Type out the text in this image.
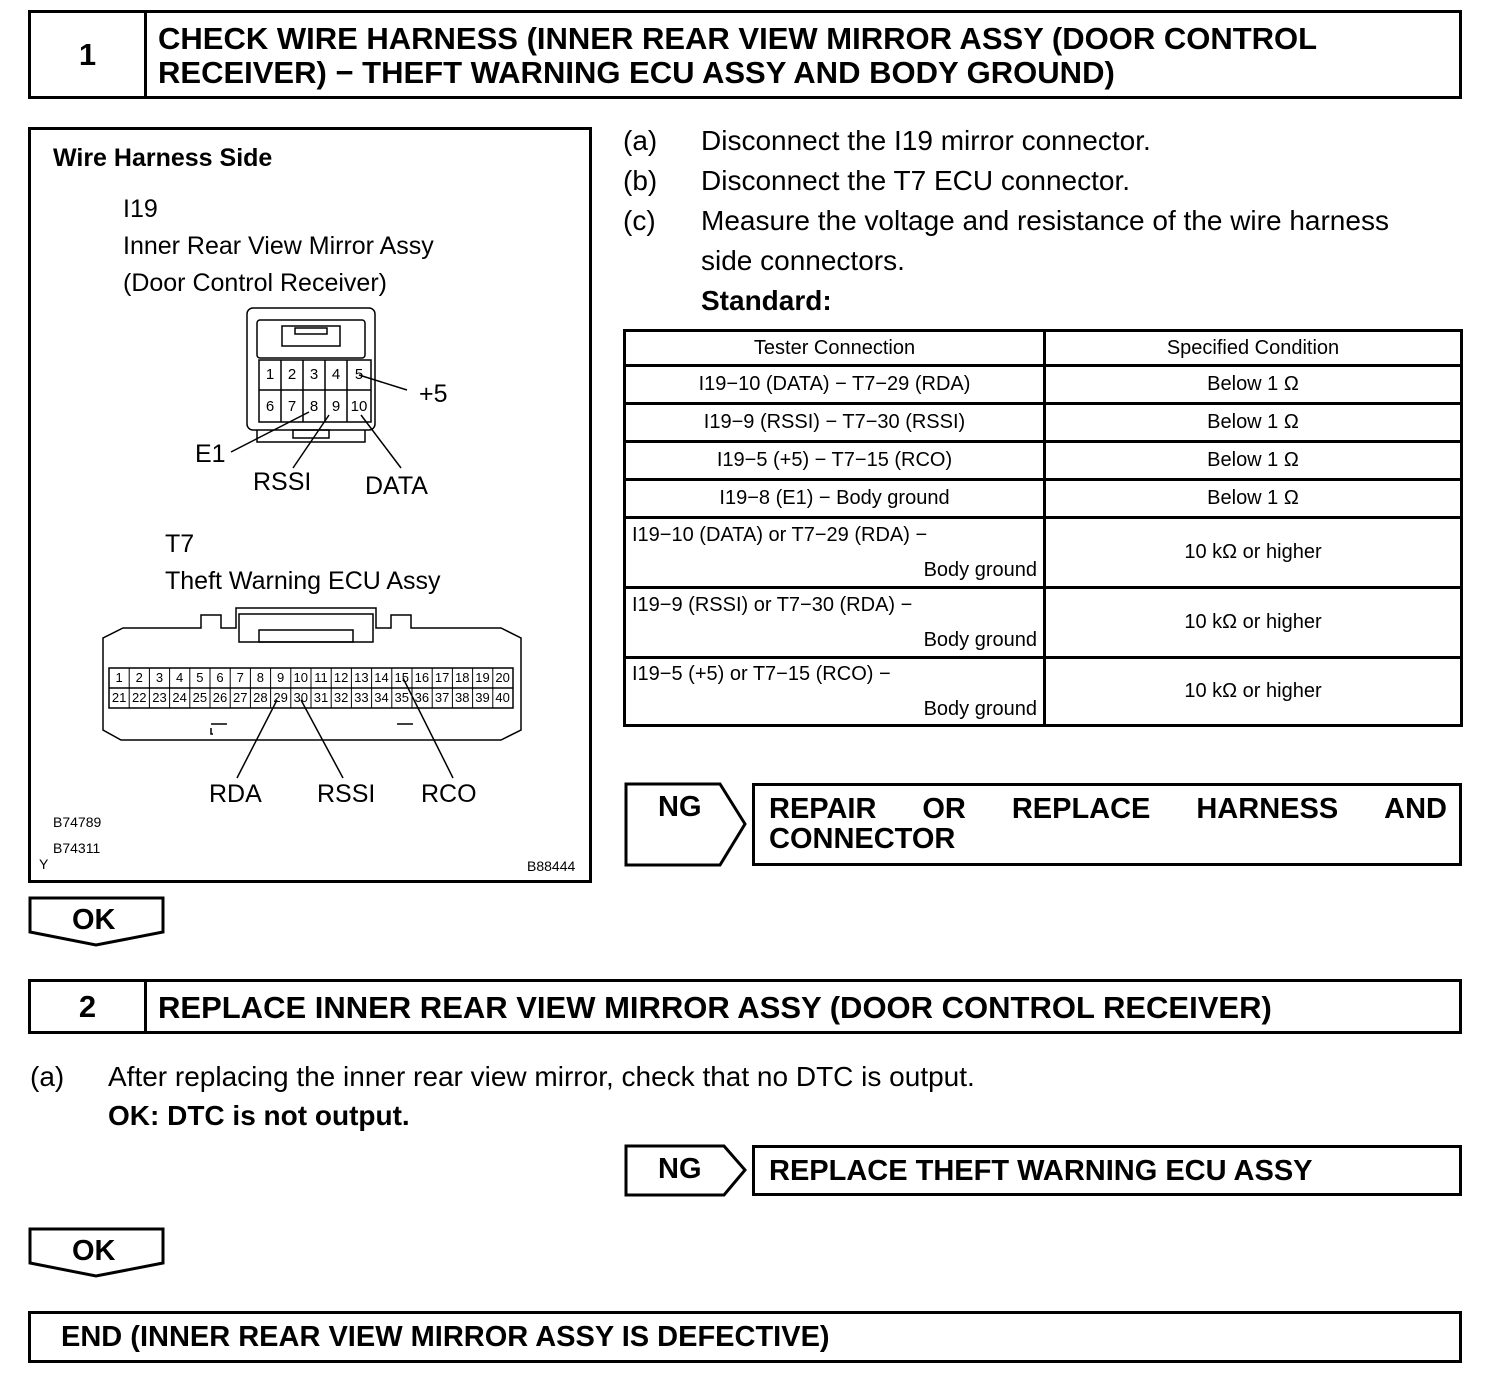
1	CHECK WIRE HARNESS (INNER REAR VIEW MIRROR ASSY (DOOR CONTROL
RECEIVER) − THEFT WARNING ECU ASSY AND BODY GROUND)
Wire Harness Side
I19
Inner Rear View Mirror Assy
(Door Control Receiver)
1 2 3 4 5
6 7 8 9 10 +5
E1
RSSI DATA
T7
Theft Warning ECU Assy
1 2 3 4 5 6 7 8 9 10 11 12 13 14 15 16 17 18 19 20
21 22 23 24 25 26 27 28 29 30 31 32 33 34 35 36 37 38 39 40
RDA RSSI RCO
B74789
B74311
Y	B88444
(a) Disconnect the I19 mirror connector.
(b) Disconnect the T7 ECU connector.
(c) Measure the voltage and resistance of the wire harness
side connectors.
Standard:
Tester Connection	Specified Condition
I19−10 (DATA) − T7−29 (RDA)	Below 1 Ω
I19−9 (RSSI) − T7−30 (RSSI)	Below 1 Ω
I19−5 (+5) − T7−15 (RCO)	Below 1 Ω
I19−8 (E1) − Body ground	Below 1 Ω

I19−10 (DATA) or T7−29 (RDA) −
Body ground	10 kΩ or higher

I19−9 (RSSI) or T7−30 (RDA) −
Body ground	10 kΩ or higher

I19−5 (+5) or T7−15 (RCO) −
Body ground	10 kΩ or higher
NG REPAIR OR REPLACE HARNESS AND
CONNECTOR
OK
2	REPLACE INNER REAR VIEW MIRROR ASSY (DOOR CONTROL RECEIVER)
(a) After replacing the inner rear view mirror, check that no DTC is output.
OK: DTC is not output.
NG REPLACE THEFT WARNING ECU ASSY
OK
END (INNER REAR VIEW MIRROR ASSY IS DEFECTIVE)
